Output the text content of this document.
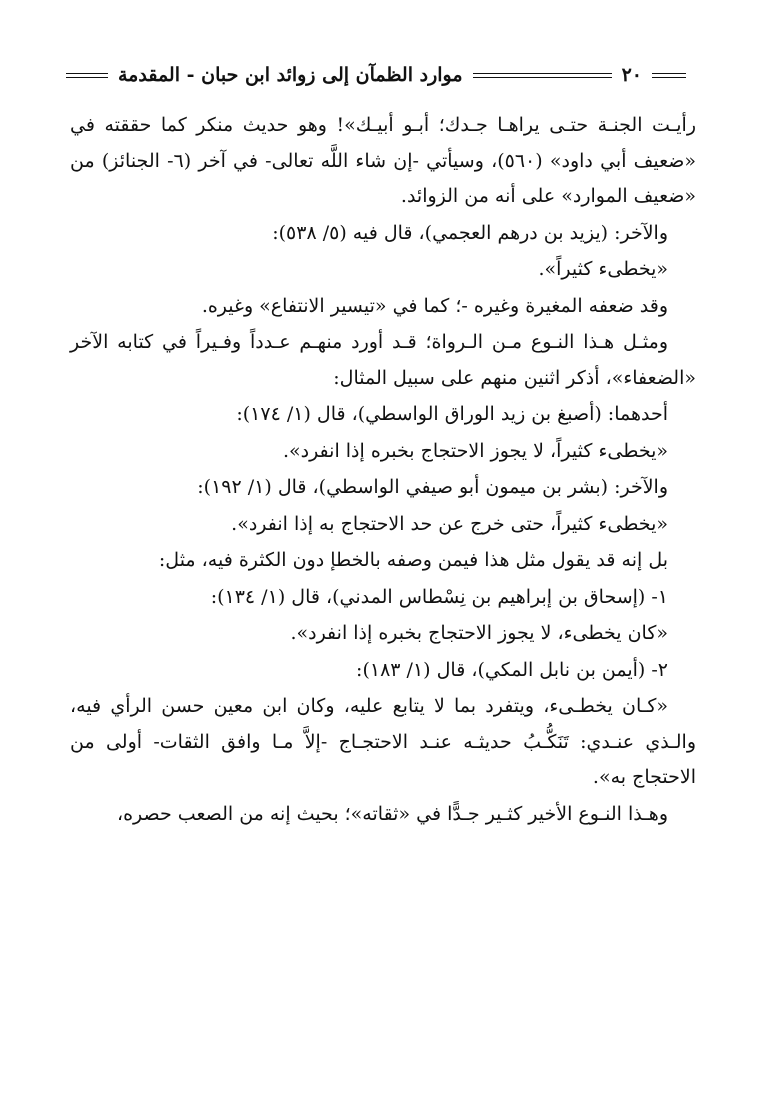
٢٠
موارد الظمآن إلى زوائد ابن حبان - المقدمة

رأيـت الجنـة حتـى يراهـا جـدك؛ أبـو أبيـك»! وهو حديث منكر كما حققته في «ضعيف أبي داود» (٥٦٠)، وسيأتي -إن شاء اللَّه تعالى- في آخر (٦- الجنائز) من «ضعيف الموارد» على أنه من الزوائد.

والآخر: (يزيد بن درهم العجمي)، قال فيه (٥/ ٥٣٨):

«يخطىء كثيراً».

وقد ضعفه المغيرة وغيره -؛ كما في «تيسير الانتفاع» وغيره.

ومثـل هـذا النـوع مـن الـرواة؛ قـد أورد منهـم عـدداً وفـيراً في كتابه الآخر «الضعفاء»، أذكر اثنين منهم على سبيل المثال:

أحدهما: (أصبغ بن زيد الوراق الواسطي)، قال (١/ ١٧٤):

«يخطىء كثيراً، لا يجوز الاحتجاج بخبره إذا انفرد».

والآخر: (بشر بن ميمون أبو صيفي الواسطي)، قال (١/ ١٩٢):

«يخطىء كثيراً، حتى خرج عن حد الاحتجاج به إذا انفرد».

بل إنه قد يقول مثل هذا فيمن وصفه بالخطإ دون الكثرة فيه، مثل:

١- (إسحاق بن إبراهيم بن نِسْطاس المدني)، قال (١/ ١٣٤):

«كان يخطىء، لا يجوز الاحتجاج بخبره إذا انفرد».

٢- (أيمن بن نابل المكي)، قال (١/ ١٨٣):

«كـان يخطـىء، ويتفرد بما لا يتابع عليه، وكان ابن معين حسن الرأي فيه، والـذي عنـدي: تَنَكُّـبُ حديثـه عنـد الاحتجـاج -إلاَّ مـا وافق الثقات- أولى من الاحتجاج به».

وهـذا النـوع الأخير كثـير جـدًّا في «ثقاته»؛ بحيث إنه من الصعب حصره،
